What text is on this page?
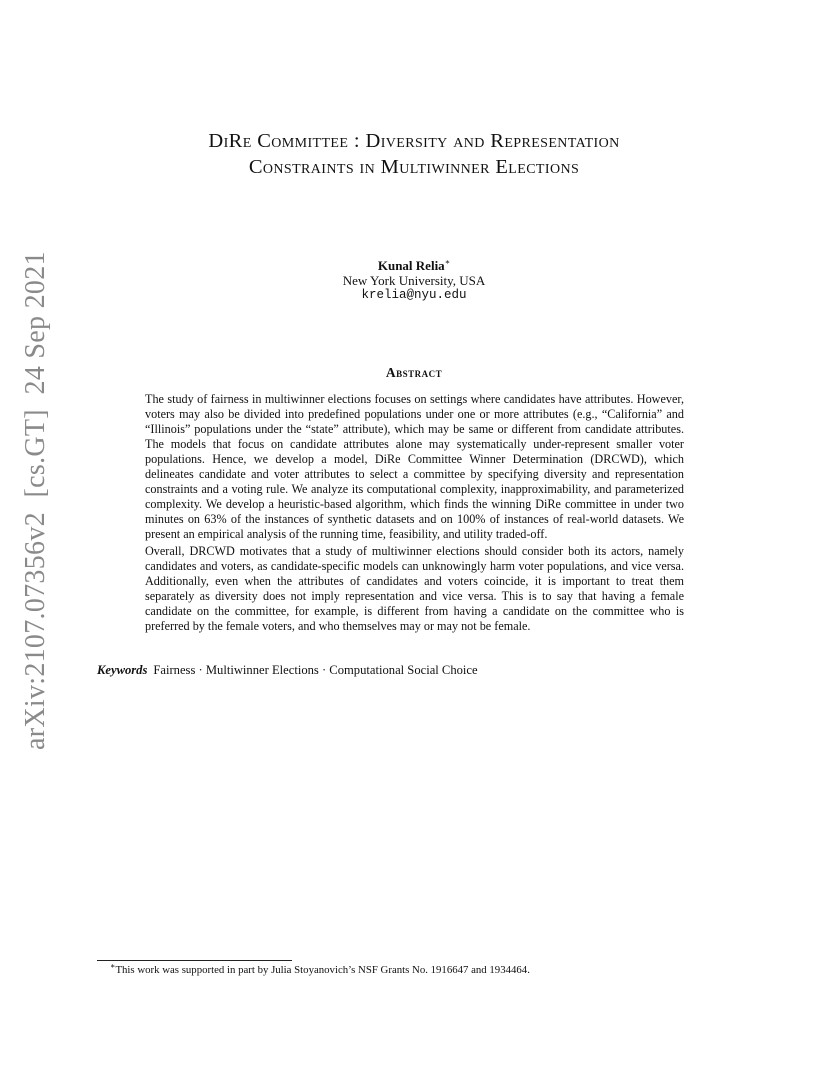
arXiv:2107.07356v2  [cs.GT]  24 Sep 2021
DiRe Committee : Diversity and Representation
Constraints in Multiwinner Elections
Kunal Relia∗
New York University, USA
krelia@nyu.edu
Abstract

The study of fairness in multiwinner elections focuses on settings where candidates have attributes. However, voters may also be divided into predefined populations under one or more attributes (e.g., “California” and “Illinois” populations under the “state” attribute), which may be same or different from candidate attributes. The models that focus on candidate attributes alone may systematically under-represent smaller voter populations. Hence, we develop a model, DiRe Committee Winner Determination (DRCWD), which delineates candidate and voter attributes to select a committee by specifying diversity and representation constraints and a voting rule. We analyze its computational complexity, inapproximability, and parameterized complexity. We develop a heuristic-based algorithm, which finds the winning DiRe committee in under two minutes on 63% of the instances of synthetic datasets and on 100% of instances of real-world datasets. We present an empirical analysis of the running time, feasibility, and utility traded-off.

Overall, DRCWD motivates that a study of multiwinner elections should consider both its actors, namely candidates and voters, as candidate-specific models can unknowingly harm voter populations, and vice versa. Additionally, even when the attributes of candidates and voters coincide, it is important to treat them separately as diversity does not imply representation and vice versa. This is to say that having a female candidate on the committee, for example, is different from having a candidate on the committee who is preferred by the female voters, and who themselves may or may not be female.

Keywords Fairness · Multiwinner Elections · Computational Social Choice
∗This work was supported in part by Julia Stoyanovich’s NSF Grants No. 1916647 and 1934464.
